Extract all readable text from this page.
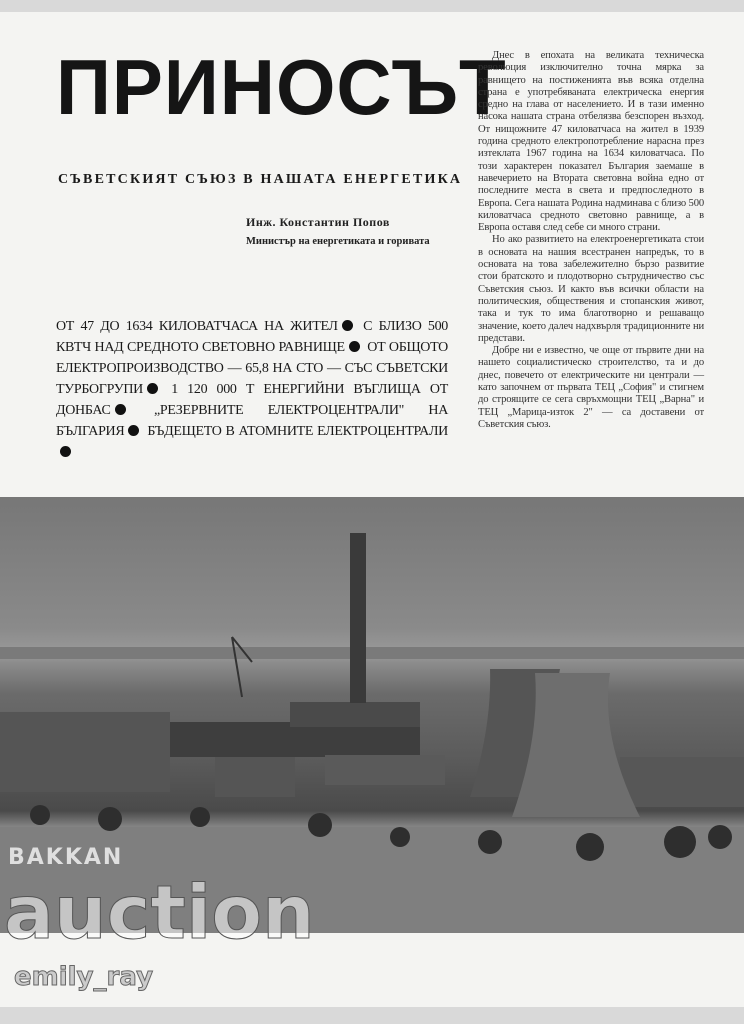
ПРИНОСЪТ
СЪВЕТСКИЯТ СЪЮЗ В НАШАТА ЕНЕРГЕТИКА
Инж. Константин Попов
Министър на енергетиката и горивата
ОТ 47 ДО 1634 КИЛОВАТЧАСА НА ЖИТЕЛ С БЛИЗО 500 КВТЧ НАД СРЕДНОТО СВЕТОВНО РАВНИЩЕ ОТ ОБЩОТО ЕЛЕКТРОПРОИЗВОДСТВО — 65,8 НА СТО — СЪС СЪВЕТСКИ ТУРБОГРУПИ 1 120 000 Т ЕНЕРГИЙНИ ВЪГЛИЩА ОТ ДОНБАС	„РЕЗЕРВНИТЕ ЕЛЕКТРОЦЕНТРАЛИ" НА БЪЛГАРИЯ БЪДЕЩЕТО В АТОМНИТЕ ЕЛЕКТРОЦЕНТРАЛИ

Днес в епохата на великата техническа революция изключително точна мярка за равнището на постиженията във всяка отделна страна е употребяваната електрическа енергия средно на глава от населението. И в тази именно насока нашата страна отбелязва безспорен възход. От нищожните 47 киловатчаса на жител в 1939 година средното електропотребление нарасна през изтеклата 1967 година на 1634 киловатчаса. По този характерен показател България заемаше в навечерието на Втората световна война едно от последните места в света и предпоследното в Европа. Сега нашата Родина надминава с близо 500 киловатчаса средното световно равнище, а в Европа оставя след себе си много страни.

Но ако развитието на електроенергетиката стои в основата на нашия всестранен напредък, то в основата на това забележително бързо развитие стои братското и плодотворно сътрудничество със Съветския съюз. И както във всички области на политическия, обществения и стопанския живот, така и тук то има благотворно и решаващо значение, което далеч надхвърля традиционните ни представи.

Добре ни е известно, че още от първите дни на нашето социалистическо строителство, та и до днес, повечето от електрическите ни централи — като започнем от първата ТЕЦ „София" и стигнем до строящите се сега свръхмощни ТЕЦ „Варна" и ТЕЦ „Марица-изток 2" — са доставени от Съветския съюз.

BAKKAN
auction
emily_ray
